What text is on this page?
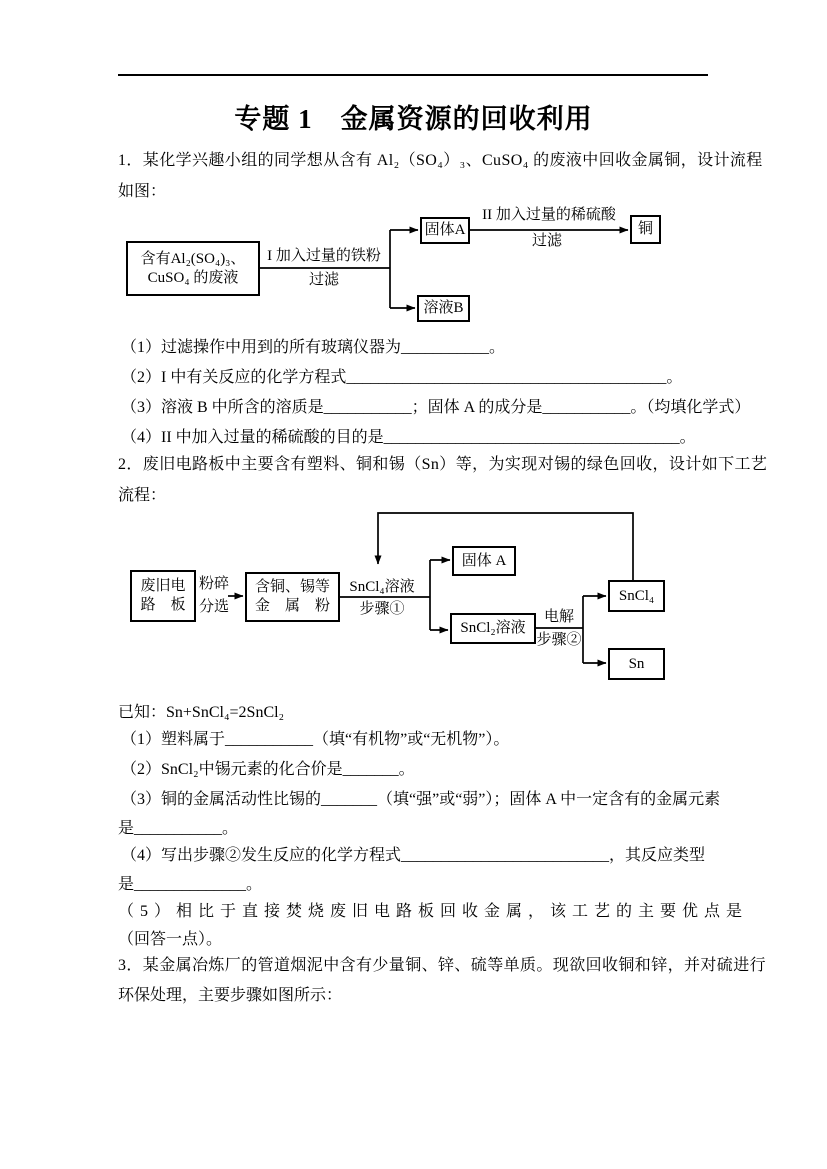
专题 1　金属资源的回收利用
1．某化学兴趣小组的同学想从含有 Al₂（SO₄）₃、CuSO₄ 的废液中回收金属铜，设计流程
如图：
含有Al₂(SO₄)₃、
CuSO₄ 的废液
I 加入过量的铁粉
过滤
固体A
II 加入过量的稀硫酸
过滤
铜
溶液B
（1）过滤操作中用到的所有玻璃仪器为___________。
（2）I 中有关反应的化学方程式________________________________________。
（3）溶液 B 中所含的溶质是___________；固体 A 的成分是___________。（均填化学式）
（4）II 中加入过量的稀硫酸的目的是_____________________________________。
2．废旧电路板中主要含有塑料、铜和锡（Sn）等，为实现对锡的绿色回收，设计如下工艺
流程：
废旧电
路　板
粉碎
分选
含铜、锡等
金　属　粉
SnCl₄溶液
步骤①
固体 A
SnCl₂溶液
电解
步骤②
SnCl₄
Sn
已知：Sn+SnCl₄=2SnCl₂
（1）塑料属于___________（填“有机物”或“无机物”）。
（2）SnCl₂中锡元素的化合价是_______。
（3）铜的金属活动性比锡的_______（填“强”或“弱”）；固体 A 中一定含有的金属元素
是___________。
（4）写出步骤②发生反应的化学方程式__________________________，其反应类型
是______________。
（5）相比于直接焚烧废旧电路板回收金属，该工艺的主要优点是
（回答一点）。
3．某金属冶炼厂的管道烟泥中含有少量铜、锌、硫等单质。现欲回收铜和锌，并对硫进行
环保处理，主要步骤如图所示：
